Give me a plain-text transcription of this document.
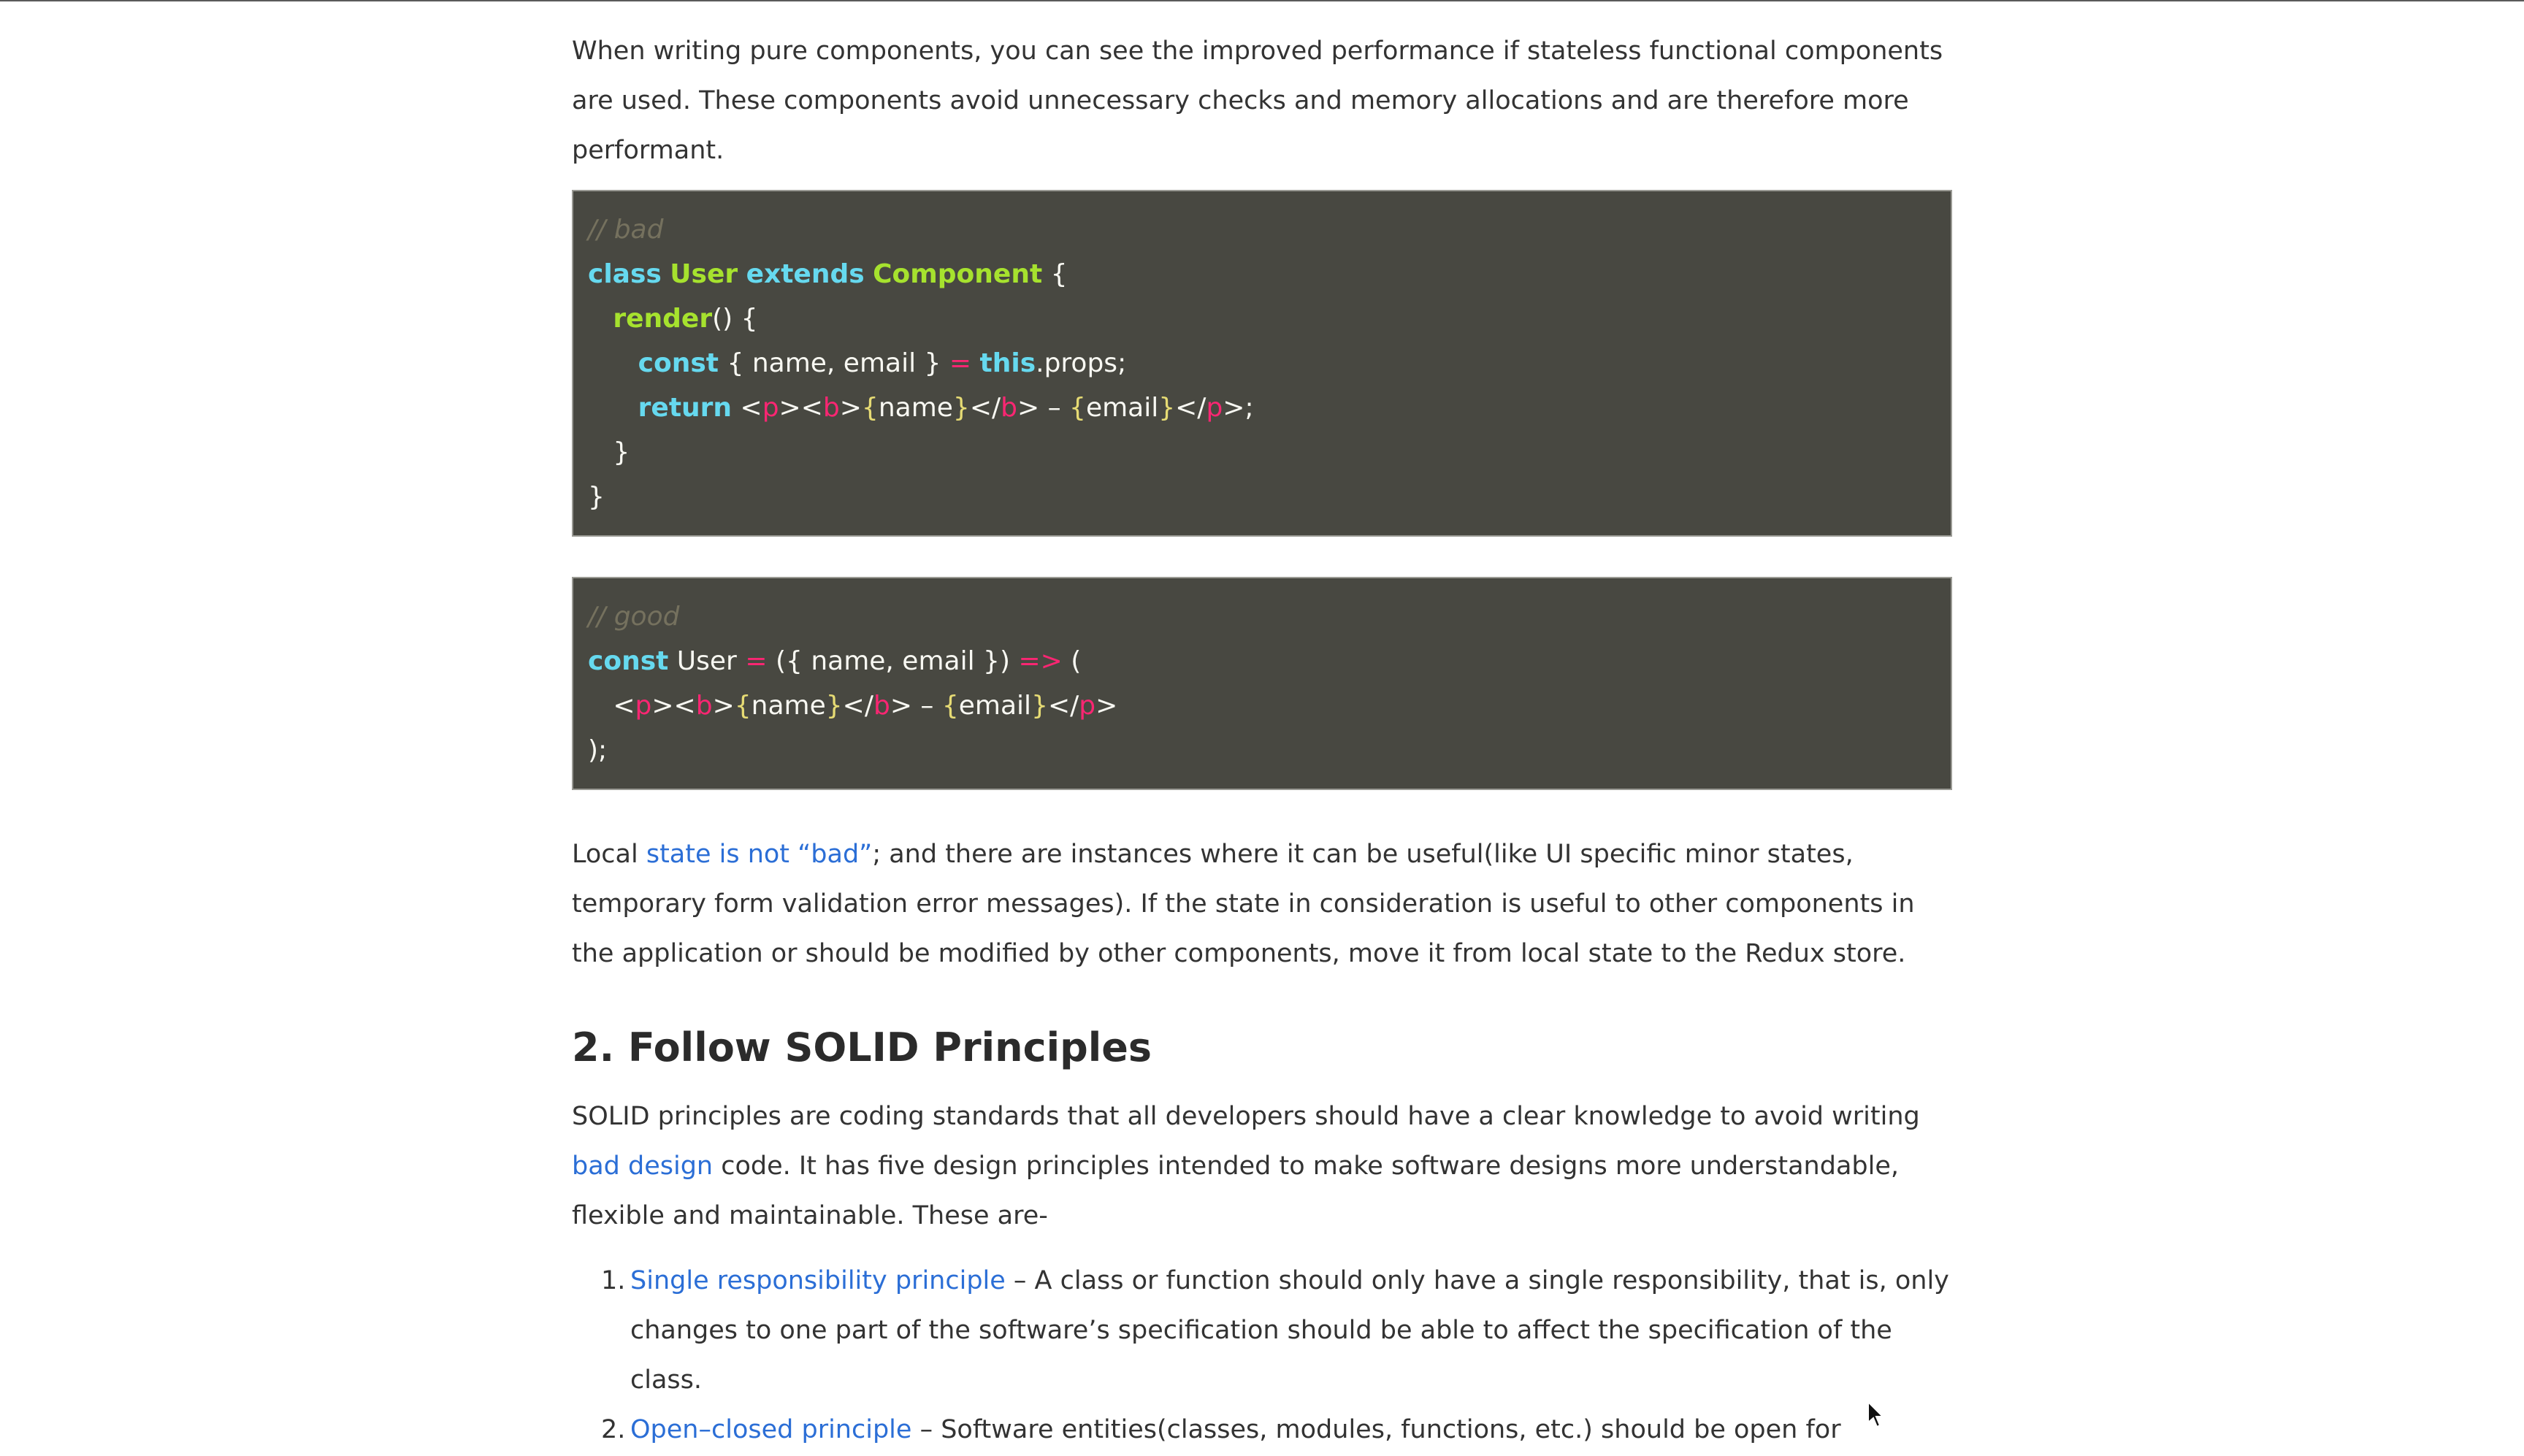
When writing pure components, you can see the improved performance if stateless functional components are used. These components avoid unnecessary checks and memory allocations and are therefore more performant.

// bad
class User extends Component {
render() {
const { name, email } = this.props;
return <p><b>{name}</b> – {email}</p>;
}
}
// good
const User = ({ name, email }) => (
<p><b>{name}</b> – {email}</p>
);

Local state is not “bad”; and there are instances where it can be useful(like UI specific minor states, temporary form validation error messages). If the state in consideration is useful to other components in the application or should be modified by other components, move it from local state to the Redux store.

2. Follow SOLID Principles

SOLID principles are coding standards that all developers should have a clear knowledge to avoid writing bad design code. It has five design principles intended to make software designs more understandable, flexible and maintainable. These are-

1. Single responsibility principle – A class or function should only have a single responsibility, that is, only changes to one part of the software’s specification should be able to affect the specification of the class.
2. Open–closed principle – Software entities(classes, modules, functions, etc.) should be open for
